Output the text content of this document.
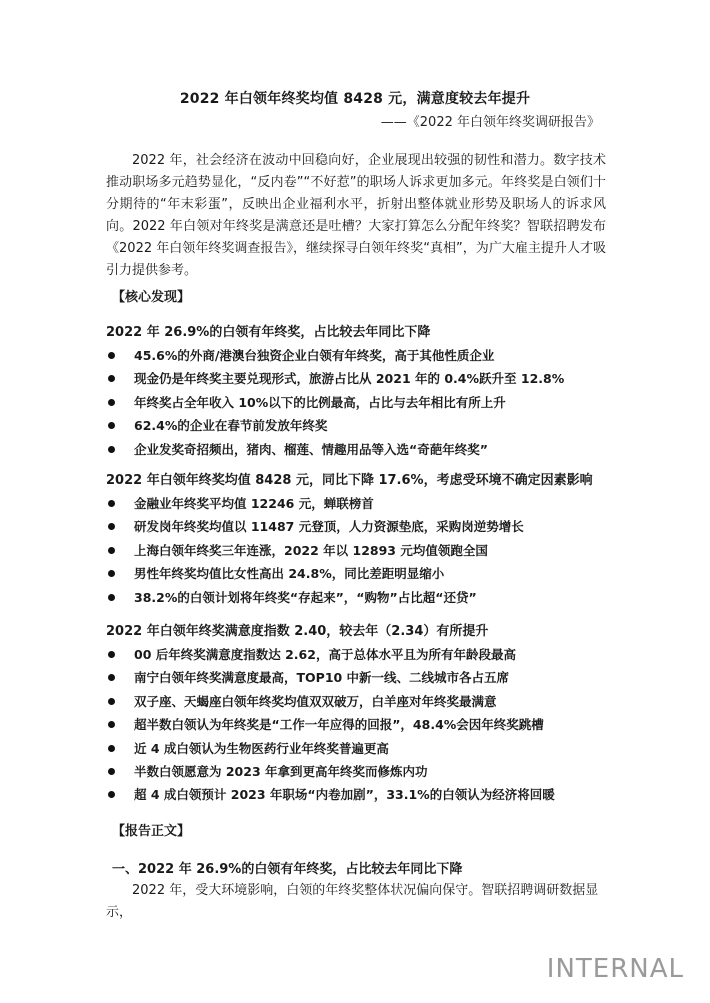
2022 年白领年终奖均值 8428 元，满意度较去年提升
——《2022 年白领年终奖调研报告》

2022 年，社会经济在波动中回稳向好，企业展现出较强的韧性和潜力。数字技术推动职场多元趋势显化，“反内卷”“不好惹”的职场人诉求更加多元。年终奖是白领们十分期待的“年末彩蛋”，反映出企业福利水平，折射出整体就业形势及职场人的诉求风向。2022 年白领对年终奖是满意还是吐槽？大家打算怎么分配年终奖？智联招聘发布《2022 年白领年终奖调查报告》，继续探寻白领年终奖“真相”，为广大雇主提升人才吸引力提供参考。

【核心发现】
2022 年 26.9%的白领有年终奖，占比较去年同比下降
45.6%的外商/港澳台独资企业白领有年终奖，高于其他性质企业
现金仍是年终奖主要兑现形式，旅游占比从 2021 年的 0.4%跃升至 12.8%
年终奖占全年收入 10%以下的比例最高，占比与去年相比有所上升
62.4%的企业在春节前发放年终奖
企业发奖奇招频出，猪肉、榴莲、情趣用品等入选“奇葩年终奖”
2022 年白领年终奖均值 8428 元，同比下降 17.6%，考虑受环境不确定因素影响
金融业年终奖平均值 12246 元，蝉联榜首
研发岗年终奖均值以 11487 元登顶，人力资源垫底，采购岗逆势增长
上海白领年终奖三年连涨，2022 年以 12893 元均值领跑全国
男性年终奖均值比女性高出 24.8%，同比差距明显缩小
38.2%的白领计划将年终奖“存起来”，“购物”占比超“还贷”
2022 年白领年终奖满意度指数 2.40，较去年（2.34）有所提升
00 后年终奖满意度指数达 2.62，高于总体水平且为所有年龄段最高
南宁白领年终奖满意度最高，TOP10 中新一线、二线城市各占五席
双子座、天蝎座白领年终奖均值双双破万，白羊座对年终奖最满意
超半数白领认为年终奖是“工作一年应得的回报”，48.4%会因年终奖跳槽
近 4 成白领认为生物医药行业年终奖普遍更高
半数白领愿意为 2023 年拿到更高年终奖而修炼内功
超 4 成白领预计 2023 年职场“内卷加剧”，33.1%的白领认为经济将回暖
【报告正文】
一、2022 年 26.9%的白领有年终奖，占比较去年同比下降
2022 年，受大环境影响，白领的年终奖整体状况偏向保守。智联招聘调研数据显示，
INTERNAL
